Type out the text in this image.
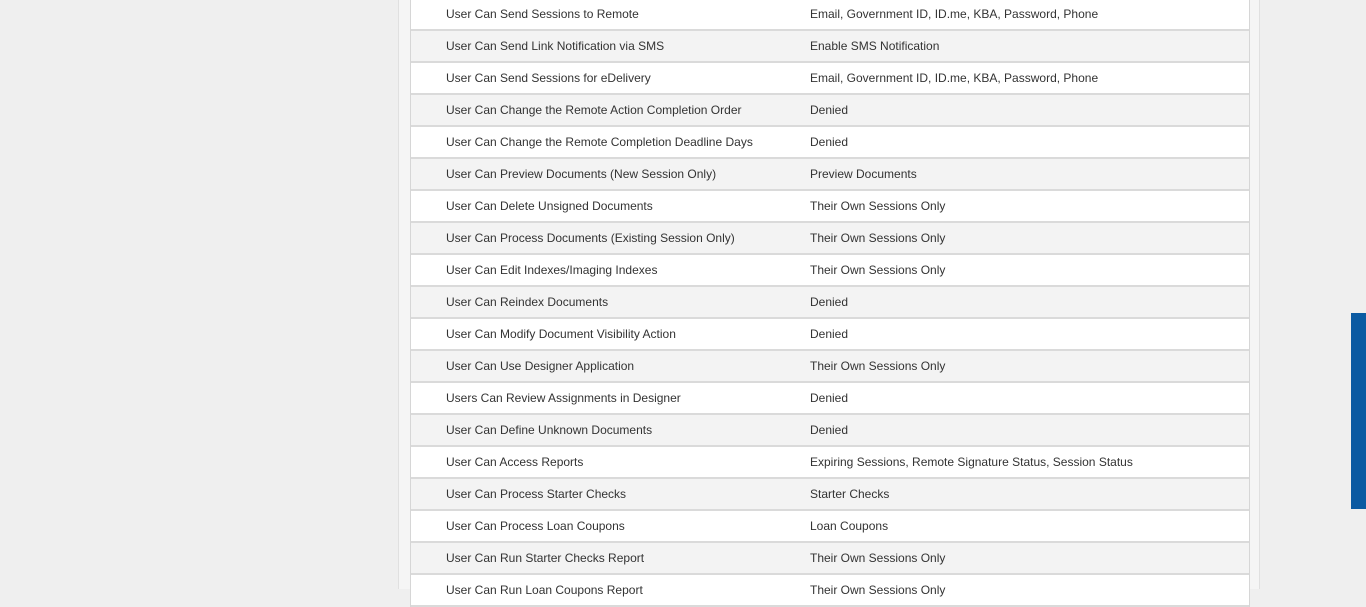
User Can Send Sessions to Remote	Email, Government ID, ID.me, KBA, Password, Phone
User Can Send Link Notification via SMS	Enable SMS Notification
User Can Send Sessions for eDelivery	Email, Government ID, ID.me, KBA, Password, Phone
User Can Change the Remote Action Completion Order	Denied
User Can Change the Remote Completion Deadline Days	Denied
User Can Preview Documents (New Session Only)	Preview Documents
User Can Delete Unsigned Documents	Their Own Sessions Only
User Can Process Documents (Existing Session Only)	Their Own Sessions Only
User Can Edit Indexes/Imaging Indexes	Their Own Sessions Only
User Can Reindex Documents	Denied
User Can Modify Document Visibility Action	Denied
User Can Use Designer Application	Their Own Sessions Only
Users Can Review Assignments in Designer	Denied
User Can Define Unknown Documents	Denied
User Can Access Reports	Expiring Sessions, Remote Signature Status, Session Status
User Can Process Starter Checks	Starter Checks
User Can Process Loan Coupons	Loan Coupons
User Can Run Starter Checks Report	Their Own Sessions Only
User Can Run Loan Coupons Report	Their Own Sessions Only
